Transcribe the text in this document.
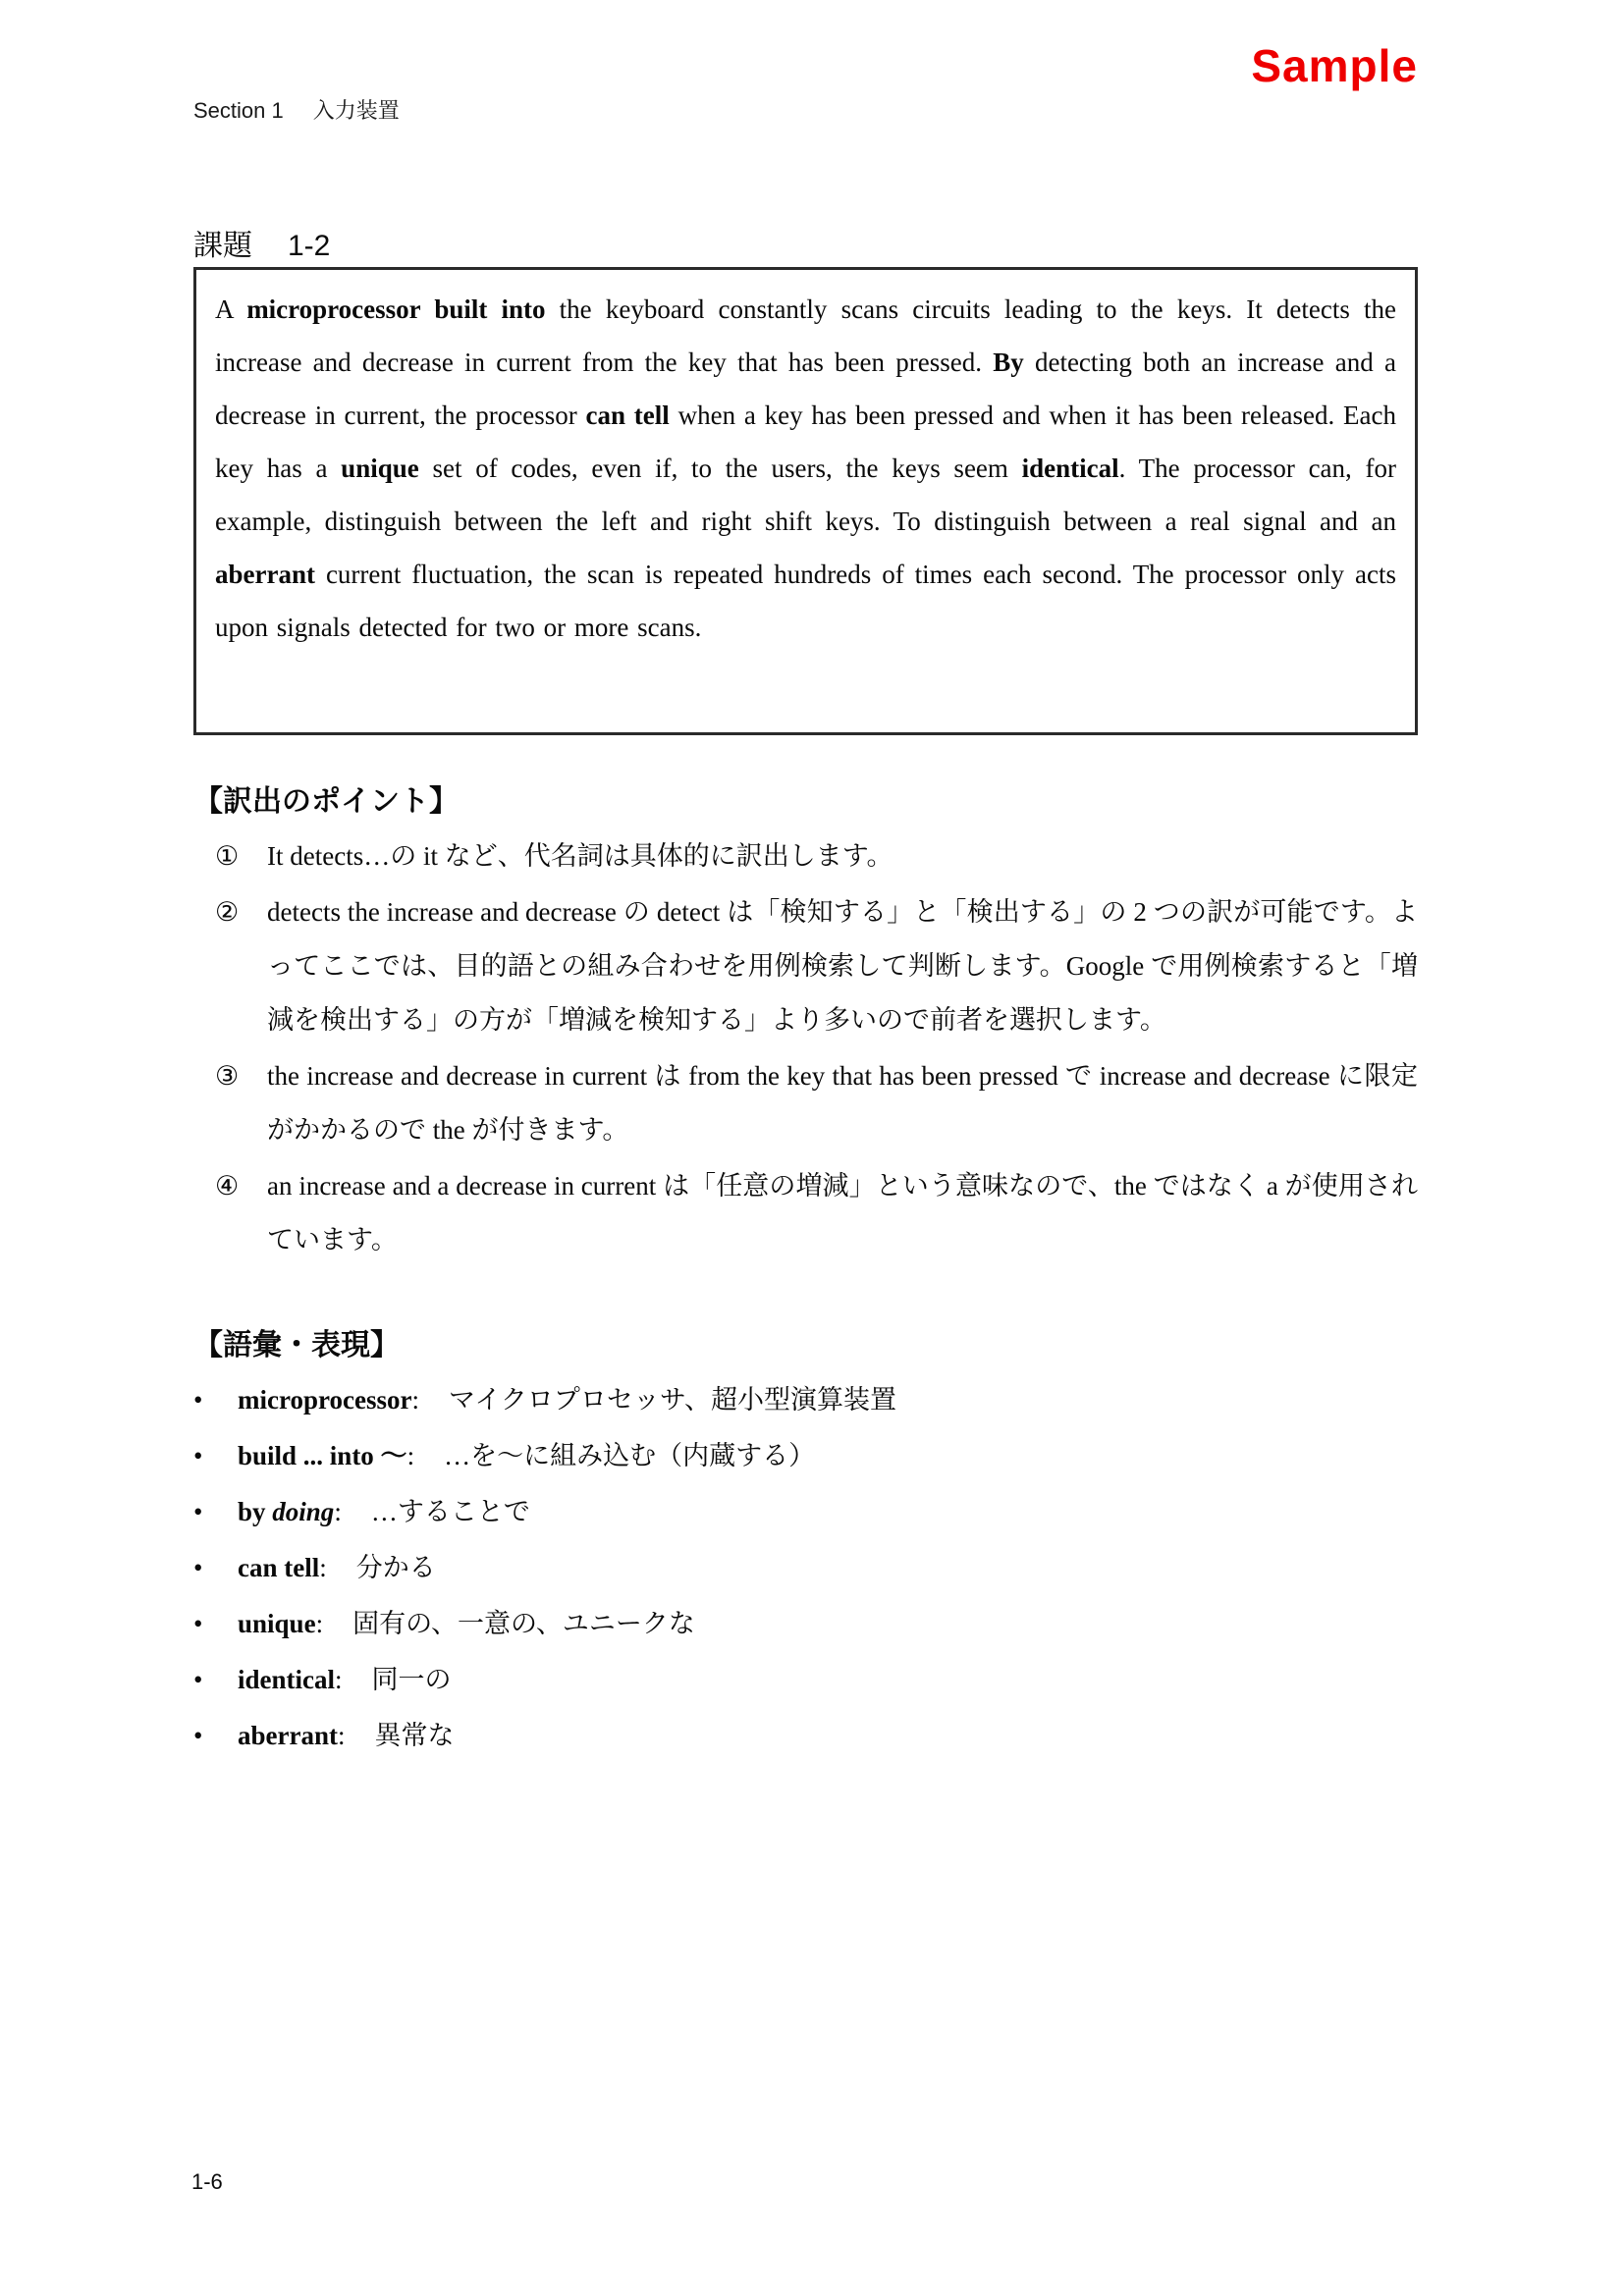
Section 1 入力装置
Sample
課題 1-2

A microprocessor built into the keyboard constantly scans circuits leading to the keys. It detects the increase and decrease in current from the key that has been pressed. By detecting both an increase and a decrease in current, the processor can tell when a key has been pressed and when it has been released. Each key has a unique set of codes, even if, to the users, the keys seem identical. The processor can, for example, distinguish between the left and right shift keys. To distinguish between a real signal and an aberrant current fluctuation, the scan is repeated hundreds of times each second. The processor only acts upon signals detected for two or more scans.

【訳出のポイント】
① It detects…の it など、代名詞は具体的に訳出します。
② detects the increase and decrease の detect は「検知する」と「検出する」の 2 つの訳が可能です。よってここでは、目的語との組み合わせを用例検索して判断します。Google で用例検索すると「増減を検出する」の方が「増減を検知する」より多いので前者を選択します。
③ the increase and decrease in current は from the key that has been pressed で increase and decrease に限定がかかるので the が付きます。
④ an increase and a decrease in current は「任意の増減」という意味なので、the ではなく a が使用されています。
【語彙・表現】
• microprocessor: マイクロプロセッサ、超小型演算装置
• build ... into ～: …を～に組み込む（内蔵する）
• by doing: …することで
• can tell: 分かる
• unique: 固有の、一意の、ユニークな
• identical: 同一の
• aberrant: 異常な
1-6
